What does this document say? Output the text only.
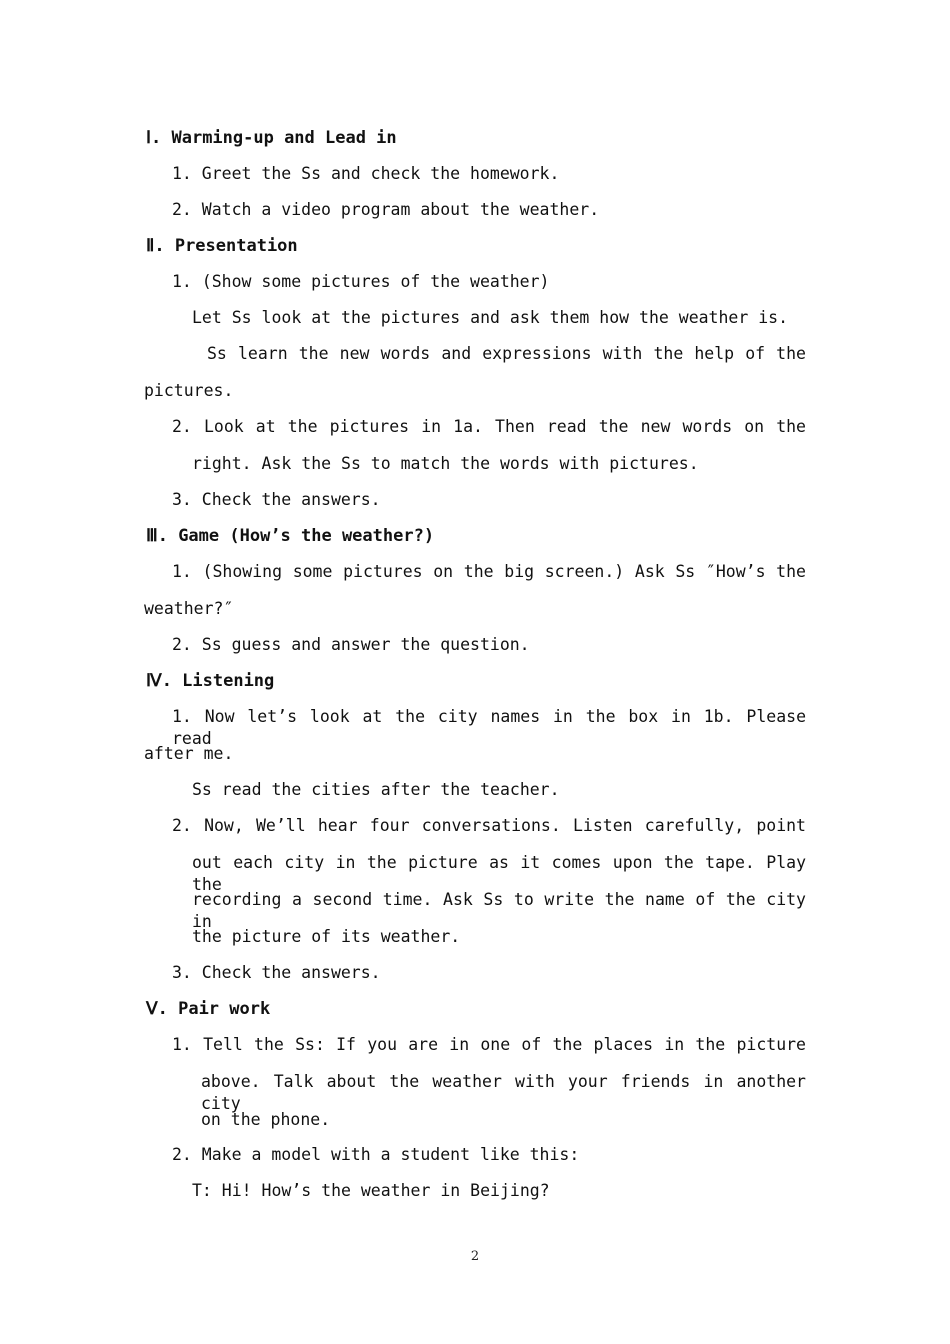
Ⅰ. Warming-up and Lead in
1. Greet the Ss and check the homework.
2. Watch a video program about the weather.
Ⅱ. Presentation
1. (Show some pictures of the weather)
Let Ss look at the pictures and ask them how the weather is.
Ss learn the new words and expressions with the help of the
pictures.
2. Look at the pictures in 1a. Then read the new words on the
right. Ask the Ss to match the words with pictures.
3. Check the answers.
Ⅲ. Game (How’s the weather?)
1. (Showing some pictures on the big screen.) Ask Ss ″How’s the
weather?″
2. Ss guess and answer the question.
Ⅳ. Listening
1. Now let’s look at the city names in the box in 1b. Please read
after me.
Ss read the cities after the teacher.
2. Now, We’ll hear four conversations. Listen carefully, point
out each city in the picture as it comes upon the tape. Play the
recording a second time. Ask Ss to write the name of the city in
the picture of its weather.
3. Check the answers.
Ⅴ. Pair work
1. Tell the Ss: If you are in one of the places in the picture
above. Talk about the weather with your friends in another city
on the phone.
2. Make a model with a student like this:
T: Hi! How’s the weather in Beijing?
2
